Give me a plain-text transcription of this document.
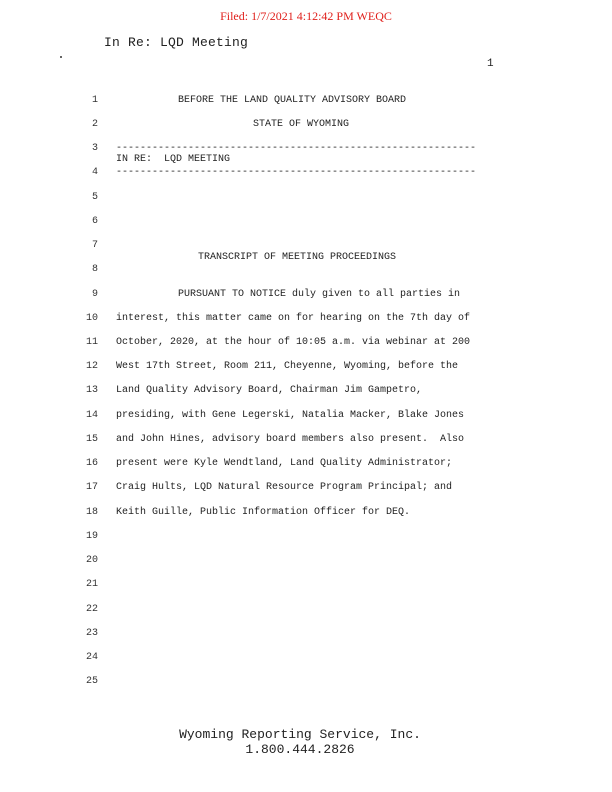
Filed: 1/7/2021 4:12:42 PM WEQC
In Re: LQD Meeting
1
1
2
3
4
5
6
7
8
9
10
11
12
13
14
15
16
17
18
19
20
21
22
23
24
25
BEFORE THE LAND QUALITY ADVISORY BOARD
STATE OF WYOMING
------------------------------------------------------------
IN RE:  LQD MEETING
------------------------------------------------------------
TRANSCRIPT OF MEETING PROCEEDINGS
PURSUANT TO NOTICE duly given to all parties in
interest, this matter came on for hearing on the 7th day of
October, 2020, at the hour of 10:05 a.m. via webinar at 200
West 17th Street, Room 211, Cheyenne, Wyoming, before the
Land Quality Advisory Board, Chairman Jim Gampetro,
presiding, with Gene Legerski, Natalia Macker, Blake Jones
and John Hines, advisory board members also present.  Also
present were Kyle Wendtland, Land Quality Administrator;
Craig Hults, LQD Natural Resource Program Principal; and
Keith Guille, Public Information Officer for DEQ.
Wyoming Reporting Service, Inc.
1.800.444.2826
